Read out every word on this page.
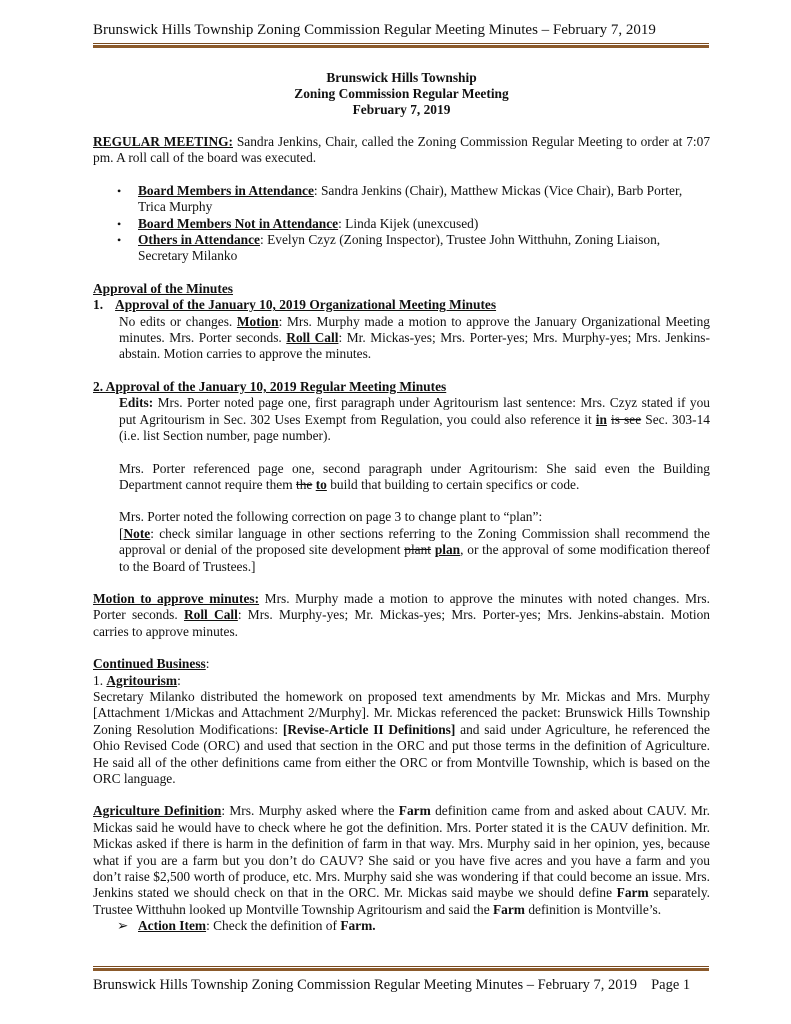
Brunswick Hills Township Zoning Commission Regular Meeting Minutes – February 7, 2019
Brunswick Hills Township
Zoning Commission Regular Meeting
February 7, 2019

REGULAR MEETING: Sandra Jenkins, Chair, called the Zoning Commission Regular Meeting to order at 7:07 pm. A roll call of the board was executed.

• Board Members in Attendance: Sandra Jenkins (Chair), Matthew Mickas (Vice Chair), Barb Porter, Trica Murphy
• Board Members Not in Attendance: Linda Kijek (unexcused)
• Others in Attendance: Evelyn Czyz (Zoning Inspector), Trustee John Witthuhn, Zoning Liaison, Secretary Milanko

Approval of the Minutes

1. Approval of the January 10, 2019 Organizational Meeting Minutes

No edits or changes. Motion: Mrs. Murphy made a motion to approve the January Organizational Meeting minutes. Mrs. Porter seconds. Roll Call: Mr. Mickas-yes; Mrs. Porter-yes; Mrs. Murphy-yes; Mrs. Jenkins-abstain. Motion carries to approve the minutes.

2. Approval of the January 10, 2019 Regular Meeting Minutes

Edits: Mrs. Porter noted page one, first paragraph under Agritourism last sentence: Mrs. Czyz stated if you put Agritourism in Sec. 302 Uses Exempt from Regulation, you could also reference it in is see Sec. 303-14 (i.e. list Section number, page number).

Mrs. Porter referenced page one, second paragraph under Agritourism: She said even the Building Department cannot require them the to build that building to certain specifics or code.

Mrs. Porter noted the following correction on page 3 to change plant to “plan”:

[Note: check similar language in other sections referring to the Zoning Commission shall recommend the approval or denial of the proposed site development plant plan, or the approval of some modification thereof to the Board of Trustees.]

Motion to approve minutes: Mrs. Murphy made a motion to approve the minutes with noted changes. Mrs. Porter seconds. Roll Call: Mrs. Murphy-yes; Mr. Mickas-yes; Mrs. Porter-yes; Mrs. Jenkins-abstain. Motion carries to approve minutes.

Continued Business:

1. Agritourism:

Secretary Milanko distributed the homework on proposed text amendments by Mr. Mickas and Mrs. Murphy [Attachment 1/Mickas and Attachment 2/Murphy]. Mr. Mickas referenced the packet: Brunswick Hills Township Zoning Resolution Modifications: [Revise-Article II Definitions] and said under Agriculture, he referenced the Ohio Revised Code (ORC) and used that section in the ORC and put those terms in the definition of Agriculture. He said all of the other definitions came from either the ORC or from Montville Township, which is based on the ORC language.

Agriculture Definition: Mrs. Murphy asked where the Farm definition came from and asked about CAUV. Mr. Mickas said he would have to check where he got the definition. Mrs. Porter stated it is the CAUV definition. Mr. Mickas asked if there is harm in the definition of farm in that way. Mrs. Murphy said in her opinion, yes, because what if you are a farm but you don’t do CAUV? She said or you have five acres and you have a farm and you don’t raise $2,500 worth of produce, etc. Mrs. Murphy said she was wondering if that could become an issue. Mrs. Jenkins stated we should check on that in the ORC. Mr. Mickas said maybe we should define Farm separately. Trustee Witthuhn looked up Montville Township Agritourism and said the Farm definition is Montville’s.

➢ Action Item: Check the definition of Farm.

Brunswick Hills Township Zoning Commission Regular Meeting Minutes – February 7, 2019 Page 1
